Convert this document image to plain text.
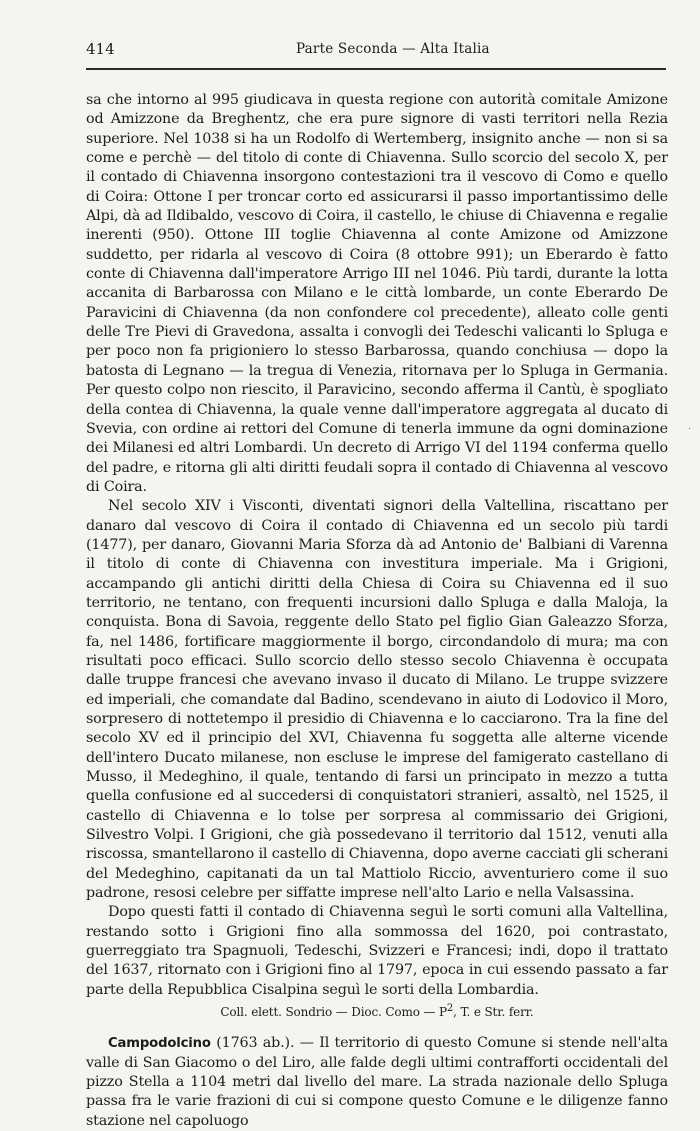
414	Parte Seconda — Alta Italia

sa che intorno al 995 giudicava in questa regione con autorità comitale Amizone od Amizzone da Breghentz, che era pure signore di vasti territori nella Rezia superiore. Nel 1038 si ha un Rodolfo di Wertemberg, insignito anche — non si sa come e perchè — del titolo di conte di Chiavenna. Sullo scorcio del secolo X, per il contado di Chiavenna insorgono contestazioni tra il vescovo di Como e quello di Coira: Ottone I per troncar corto ed assicurarsi il passo importantissimo delle Alpi, dà ad Ildibaldo, vescovo di Coira, il castello, le chiuse di Chiavenna e regalie inerenti (950). Ottone III toglie Chiavenna al conte Amizone od Amizzone suddetto, per ridarla al vescovo di Coira (8 ottobre 991); un Eberardo è fatto conte di Chiavenna dall'imperatore Arrigo III nel 1046. Più tardi, durante la lotta accanita di Barbarossa con Milano e le città lombarde, un conte Eberardo De Paravicini di Chiavenna (da non confondere col precedente), alleato colle genti delle Tre Pievi di Gravedona, assalta i convogli dei Tedeschi valicanti lo Spluga e per poco non fa prigioniero lo stesso Barbarossa, quando conchiusa — dopo la batosta di Legnano — la tregua di Venezia, ritornava per lo Spluga in Germania. Per questo colpo non riescito, il Paravicino, secondo afferma il Cantù, è spogliato della contea di Chiavenna, la quale venne dall'imperatore aggregata al ducato di Svevia, con ordine ai rettori del Comune di tenerla immune da ogni dominazione dei Milanesi ed altri Lombardi. Un decreto di Arrigo VI del 1194 conferma quello del padre, e ritorna gli alti diritti feudali sopra il contado di Chiavenna al vescovo di Coira.

Nel secolo XIV i Visconti, diventati signori della Valtellina, riscattano per danaro dal vescovo di Coira il contado di Chiavenna ed un secolo più tardi (1477), per danaro, Giovanni Maria Sforza dà ad Antonio de' Balbiani di Varenna il titolo di conte di Chiavenna con investitura imperiale. Ma i Grigioni, accampando gli antichi diritti della Chiesa di Coira su Chiavenna ed il suo territorio, ne tentano, con frequenti incursioni dallo Spluga e dalla Maloja, la conquista. Bona di Savoia, reggente dello Stato pel figlio Gian Galeazzo Sforza, fa, nel 1486, fortificare maggiormente il borgo, circondandolo di mura; ma con risultati poco efficaci. Sullo scorcio dello stesso secolo Chiavenna è occupata dalle truppe francesi che avevano invaso il ducato di Milano. Le truppe svizzere ed imperiali, che comandate dal Badino, scendevano in aiuto di Lodovico il Moro, sorpresero di nottetempo il presidio di Chiavenna e lo cacciarono. Tra la fine del secolo XV ed il principio del XVI, Chiavenna fu soggetta alle alterne vicende dell'intero Ducato milanese, non escluse le imprese del famigerato castellano di Musso, il Medeghino, il quale, tentando di farsi un principato in mezzo a tutta quella confusione ed al succedersi di conquistatori stranieri, assaltò, nel 1525, il castello di Chiavenna e lo tolse per sorpresa al commissario dei Grigioni, Silvestro Volpi. I Grigioni, che già possedevano il territorio dal 1512, venuti alla riscossa, smantellarono il castello di Chiavenna, dopo averne cacciati gli scherani del Medeghino, capitanati da un tal Mattiolo Riccio, avventuriero come il suo padrone, resosi celebre per siffatte imprese nell'alto Lario e nella Valsassina.

Dopo questi fatti il contado di Chiavenna seguì le sorti comuni alla Valtellina, restando sotto i Grigioni fino alla sommossa del 1620, poi contrastato, guerreggiato tra Spagnuoli, Tedeschi, Svizzeri e Francesi; indi, dopo il trattato del 1637, ritornato con i Grigioni fino al 1797, epoca in cui essendo passato a far parte della Repubblica Cisalpina seguì le sorti della Lombardia.

Coll. elett. Sondrio — Dioc. Como — $P^2$, T. e Str. ferr.

Campodolcino (1763 ab.). — Il territorio di questo Comune si stende nell'alta valle di San Giacomo o del Liro, alle falde degli ultimi contrafforti occidentali del pizzo Stella a 1104 metri dal livello del mare. La strada nazionale dello Spluga passa fra le varie frazioni di cui si compone questo Comune e le diligenze fanno stazione nel capoluogo

·
